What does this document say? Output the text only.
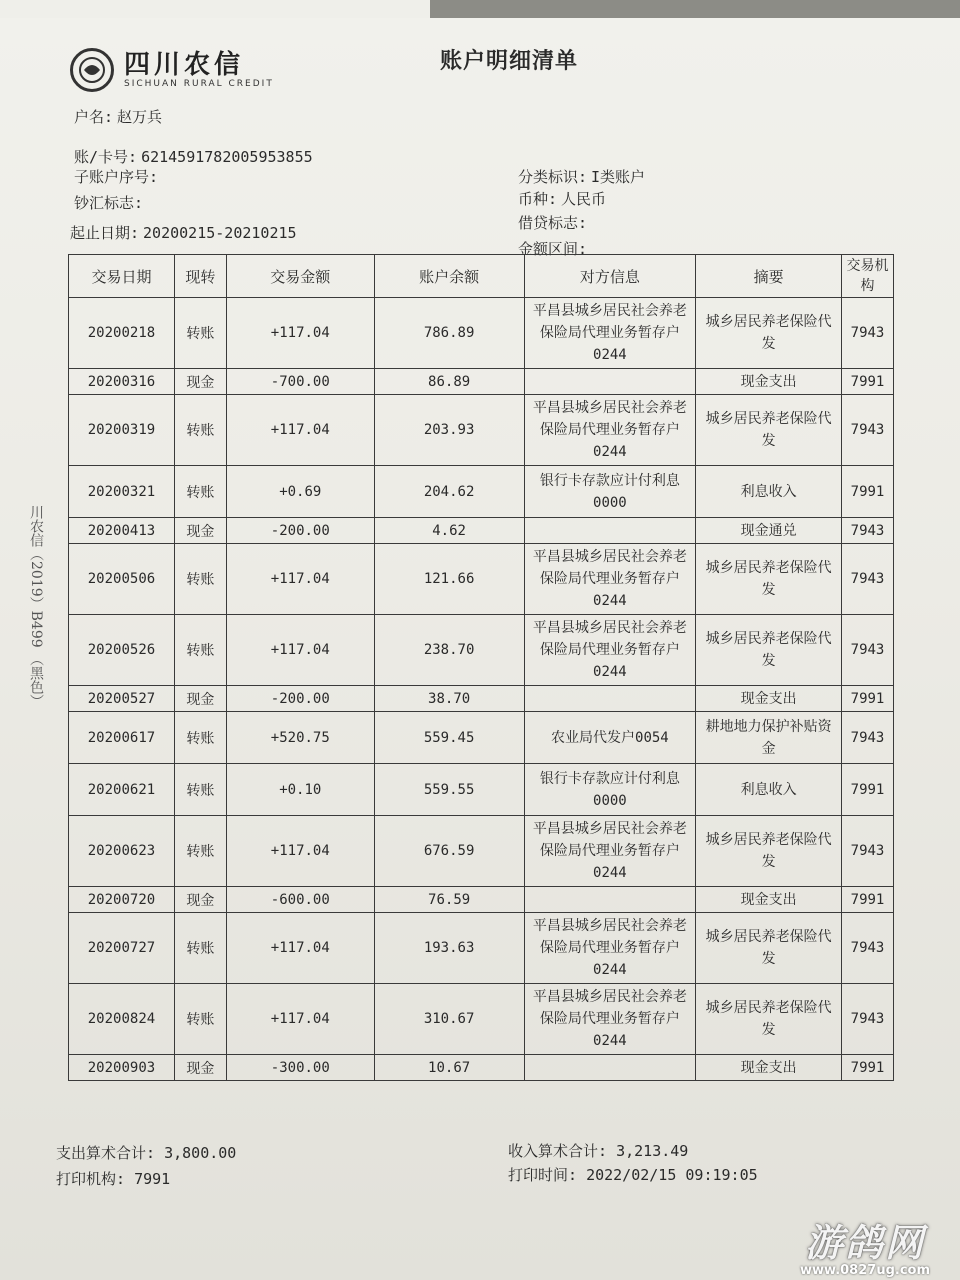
四川农信
SICHUAN RURAL CREDIT
账户明细清单
户名: 赵万兵
账/卡号: 6214591782005953855
子账户序号:
钞汇标志:
起止日期: 20200215-20210215
分类标识: I类账户
币种: 人民币
借贷标志:
金额区间:
川农信（2019）B499 （黑色）
交易日期	现转	交易金额	账户余额	对方信息	摘要	交易机构
20200218	转账	+117.04	786.89	平昌县城乡居民社会养老保险局代理业务暂存户0244	城乡居民养老保险代发	7943
20200316	现金	-700.00	86.89		现金支出	7991
20200319	转账	+117.04	203.93	平昌县城乡居民社会养老保险局代理业务暂存户0244	城乡居民养老保险代发	7943
20200321	转账	+0.69	204.62	银行卡存款应计付利息0000	利息收入	7991
20200413	现金	-200.00	4.62		现金通兑	7943
20200506	转账	+117.04	121.66	平昌县城乡居民社会养老保险局代理业务暂存户0244	城乡居民养老保险代发	7943
20200526	转账	+117.04	238.70	平昌县城乡居民社会养老保险局代理业务暂存户0244	城乡居民养老保险代发	7943
20200527	现金	-200.00	38.70		现金支出	7991
20200617	转账	+520.75	559.45	农业局代发户0054	耕地地力保护补贴资金	7943
20200621	转账	+0.10	559.55	银行卡存款应计付利息0000	利息收入	7991
20200623	转账	+117.04	676.59	平昌县城乡居民社会养老保险局代理业务暂存户0244	城乡居民养老保险代发	7943
20200720	现金	-600.00	76.59		现金支出	7991
20200727	转账	+117.04	193.63	平昌县城乡居民社会养老保险局代理业务暂存户0244	城乡居民养老保险代发	7943
20200824	转账	+117.04	310.67	平昌县城乡居民社会养老保险局代理业务暂存户0244	城乡居民养老保险代发	7943
20200903	现金	-300.00	10.67		现金支出	7991
支出算术合计: 3,800.00	收入算术合计: 3,213.49
打印机构: 7991	打印时间: 2022/02/15 09:19:05
游鸽网
www.0827ug.com
